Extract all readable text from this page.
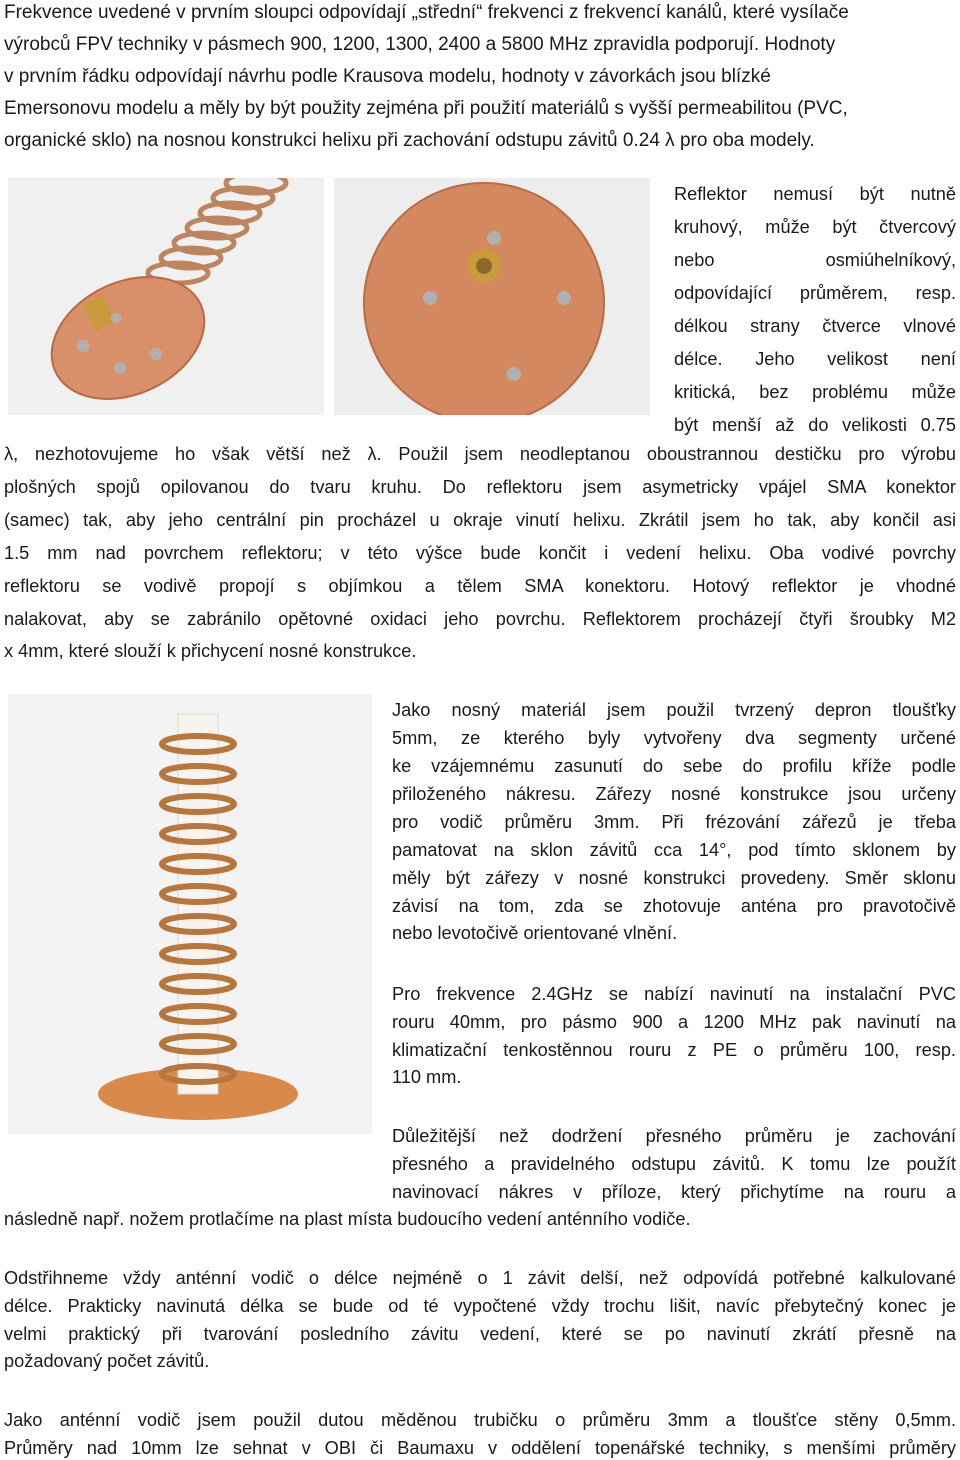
Frekvence uvedené v prvním sloupci odpovídají „střední“ frekvenci z frekvencí kanálů, které vysílače
výrobců FPV techniky v pásmech 900, 1200, 1300, 2400 a 5800 MHz zpravidla podporují. Hodnoty
v prvním řádku odpovídají návrhu podle Krausova modelu, hodnoty v závorkách jsou blízké
Emersonovu modelu a měly by být použity zejména při použití materiálů s vyšší permeabilitou (PVC,
organické sklo) na nosnou konstrukci helixu při zachování odstupu závitů 0.24 λ pro oba modely.
Reflektor nemusí být nutně
kruhový, může být čtvercový
nebo osmiúhelníkový,
odpovídající průměrem, resp.
délkou strany čtverce vlnové
délce. Jeho velikost není
kritická, bez problému může
být menší až do velikosti 0.75
λ, nezhotovujeme ho však větší než λ. Použil jsem neodleptanou oboustrannou destičku pro výrobu
plošných spojů opilovanou do tvaru kruhu. Do reflektoru jsem asymetricky vpájel SMA konektor
(samec) tak, aby jeho centrální pin procházel u okraje vinutí helixu. Zkrátil jsem ho tak, aby končil asi
1.5 mm nad povrchem reflektoru; v této výšce bude končit i vedení helixu. Oba vodivé povrchy
reflektoru se vodivě propojí s objímkou a tělem SMA konektoru. Hotový reflektor je vhodné
nalakovat, aby se zabránilo opětovné oxidaci jeho povrchu. Reflektorem procházejí čtyři šroubky M2
x 4mm, které slouží k přichycení nosné konstrukce.
Jako nosný materiál jsem použil tvrzený depron tloušťky
5mm, ze kterého byly vytvořeny dva segmenty určené
ke vzájemnému zasunutí do sebe do profilu kříže podle
přiloženého nákresu. Zářezy nosné konstrukce jsou určeny
pro vodič průměru 3mm. Při frézování zářezů je třeba
pamatovat na sklon závitů cca 14°, pod tímto sklonem by
měly být zářezy v nosné konstrukci provedeny. Směr sklonu
závisí na tom, zda se zhotovuje anténa pro pravotočivě
nebo levotočivě orientované vlnění.
Pro frekvence 2.4GHz se nabízí navinutí na instalační PVC
rouru 40mm, pro pásmo 900 a 1200 MHz pak navinutí na
klimatizační tenkostěnnou rouru z PE o průměru 100, resp.
110 mm.
Důležitější než dodržení přesného průměru je zachování
přesného a pravidelného odstupu závitů. K tomu lze použít
navinovací nákres v příloze, který přichytíme na rouru a
následně např. nožem protlačíme na plast místa budoucího vedení anténního vodiče.
Odstřihneme vždy anténní vodič o délce nejméně o 1 závit delší, než odpovídá potřebné kalkulované
délce. Prakticky navinutá délka se bude od té vypočtené vždy trochu lišit, navíc přebytečný konec je
velmi praktický při tvarování posledního závitu vedení, které se po navinutí zkrátí přesně na
požadovaný počet závitů.
Jako anténní vodič jsem použil dutou měděnou trubičku o průměru 3mm a tloušťce stěny 0,5mm.
Průměry nad 10mm lze sehnat v OBI či Baumaxu v oddělení topenářské techniky, s menšími průměry
